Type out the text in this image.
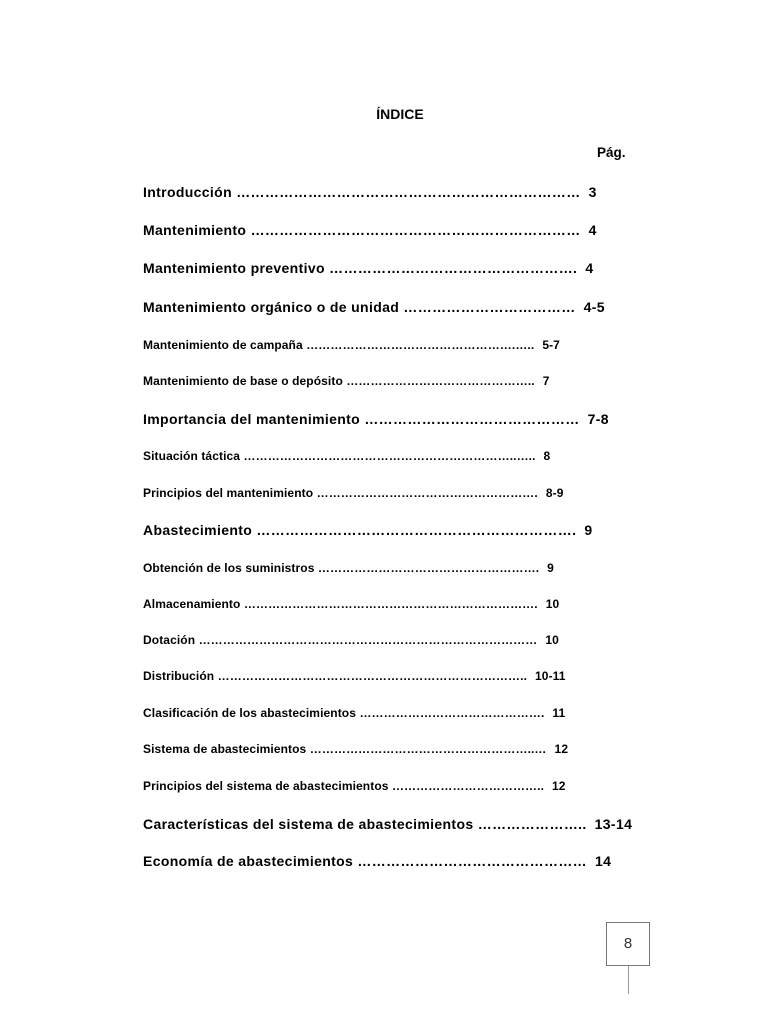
ÍNDICE
Pág.
Introducción ……………………………………………………………… 3
Mantenimiento …………………………………………………………… 4
Mantenimiento preventivo ……………………………………………. 4
Mantenimiento orgánico o de unidad ……………………………… 4-5
Mantenimiento de campaña …………………………………………….….. 5-7
Mantenimiento de base o depósito ……………………………………….. 7
Importancia del mantenimiento ……………………………………… 7-8
Situación táctica …………………………………………………………..….. 8
Principios del mantenimiento ………………………………………………. 8-9
Abastecimiento …………………………………………………………. 9
Obtención de los suministros ………………………………………………. 9
Almacenamiento ………………………………………………………………. 10
Dotación ………………………………………………………………………… 10
Distribución ………………………………………………………………….. 10-11
Clasificación de los abastecimientos ………………………………………. 11
Sistema de abastecimientos ………………………………………………..… 12
Principios del sistema de abastecimientos ……………………………….. 12
Características del sistema de abastecimientos ………………….. 13-14
Economía de abastecimientos ………………………………………… 14
8
